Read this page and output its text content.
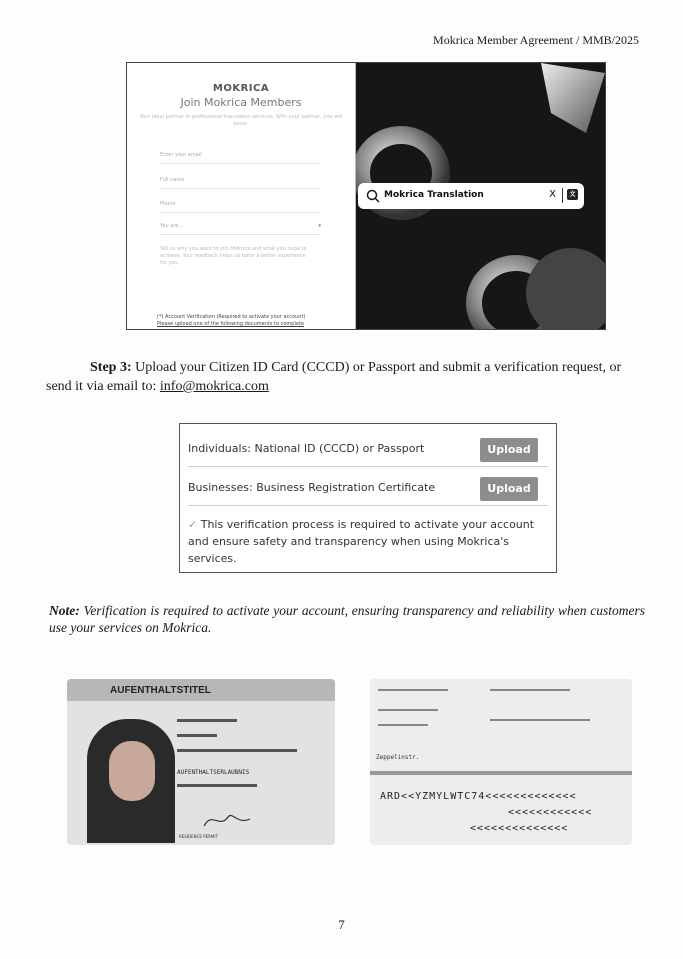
Mokrica Member Agreement / MMB/2025
MOKRICA
Join Mokrica Members
Your ideal partner in professional translation services. With your partner, you will excel.
Enter your email
Full name
Phone
You are...	▾
Tell us why you want to join Mokrica and what you hope to achieve. Your feedback helps us tailor a better experience for you.
(*) Account Verification (Required to activate your account)
Please upload one of the following documents to complete
Mokrica Translation	X	文
Step 3: Upload your Citizen ID Card (CCCD) or Passport and submit a verification request, or send it via email to: info@mokrica.com
Individuals: National ID (CCCD) or Passport	Upload
Businesses: Business Registration Certificate	Upload
✓ This verification process is required to activate your account and ensure safety and transparency when using Mokrica's services.
Note: Verification is required to activate your account, ensuring transparency and reliability when customers use your services on Mokrica.
AUFENTHALTSTITEL
AUFENTHALTSERLAUBNIS
RESIDENCE PERMIT
Zeppelinstr.
ARD<<YZMYLWTC74<<<<<<<<<<<<<
<<<<<<<<<<<<
<<<<<<<<<<<<<<
7
